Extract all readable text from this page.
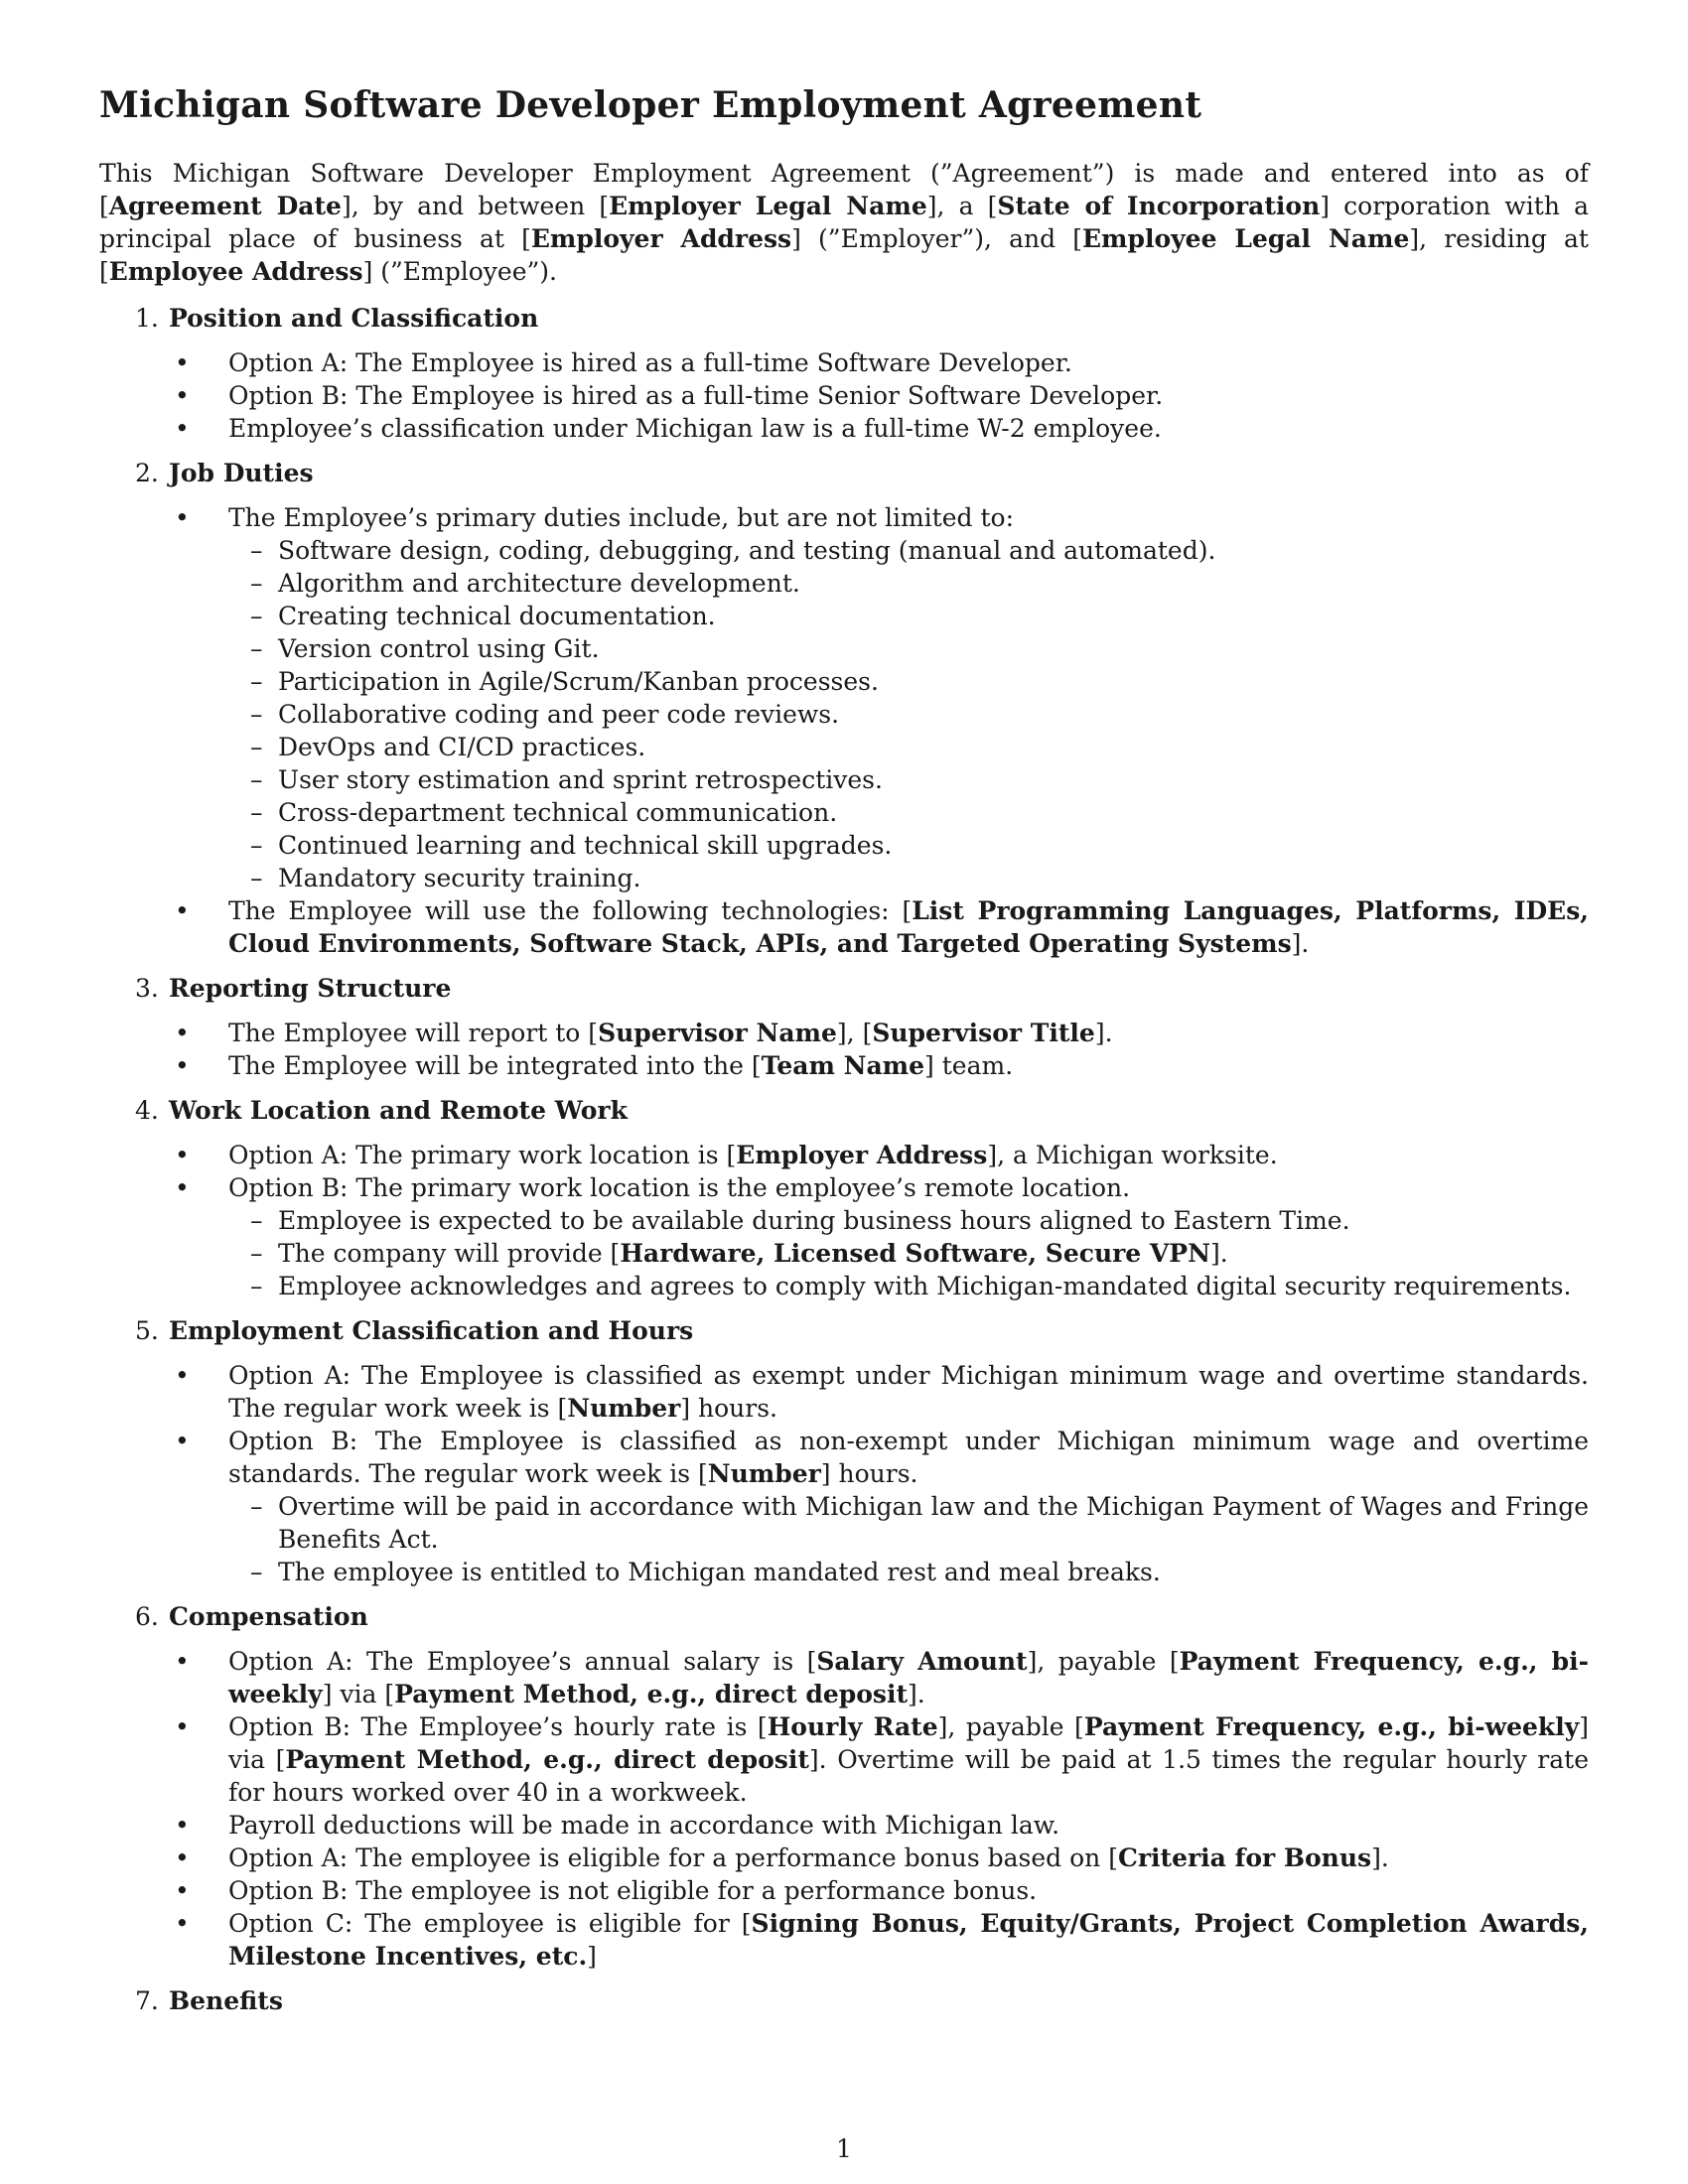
Michigan Software Developer Employment Agreement

This Michigan Software Developer Employment Agreement (”Agreement”) is made and entered into as of [Agreement Date], by and between [Employer Legal Name], a [State of Incorporation] corporation with a principal place of business at [Employer Address] (”Employer”), and [Employee Legal Name], residing at [Employee Address] (”Employee”).

1. Position and Classification
• Option A: The Employee is hired as a full-time Software Developer.
• Option B: The Employee is hired as a full-time Senior Software Developer.
• Employee’s classification under Michigan law is a full-time W-2 employee.
2. Job Duties
• The Employee’s primary duties include, but are not limited to:
– Software design, coding, debugging, and testing (manual and automated).
– Algorithm and architecture development.
– Creating technical documentation.
– Version control using Git.
– Participation in Agile/Scrum/Kanban processes.
– Collaborative coding and peer code reviews.
– DevOps and CI/CD practices.
– User story estimation and sprint retrospectives.
– Cross-department technical communication.
– Continued learning and technical skill upgrades.
– Mandatory security training.
• The Employee will use the following technologies: [List Programming Languages, Platforms, IDEs, Cloud Environments, Software Stack, APIs, and Targeted Operating Systems].
3. Reporting Structure
• The Employee will report to [Supervisor Name], [Supervisor Title].
• The Employee will be integrated into the [Team Name] team.
4. Work Location and Remote Work
• Option A: The primary work location is [Employer Address], a Michigan worksite.
• Option B: The primary work location is the employee’s remote location.
– Employee is expected to be available during business hours aligned to Eastern Time.
– The company will provide [Hardware, Licensed Software, Secure VPN].
– Employee acknowledges and agrees to comply with Michigan-mandated digital security requirements.
5. Employment Classification and Hours
• Option A: The Employee is classified as exempt under Michigan minimum wage and overtime standards. The regular work week is [Number] hours.
• Option B: The Employee is classified as non-exempt under Michigan minimum wage and overtime standards. The regular work week is [Number] hours.
– Overtime will be paid in accordance with Michigan law and the Michigan Payment of Wages and Fringe Benefits Act.
– The employee is entitled to Michigan mandated rest and meal breaks.
6. Compensation
• Option A: The Employee’s annual salary is [Salary Amount], payable [Payment Frequency, e.g., bi-weekly] via [Payment Method, e.g., direct deposit].
• Option B: The Employee’s hourly rate is [Hourly Rate], payable [Payment Frequency, e.g., bi-weekly] via [Payment Method, e.g., direct deposit]. Overtime will be paid at 1.5 times the regular hourly rate for hours worked over 40 in a workweek.
• Payroll deductions will be made in accordance with Michigan law.
• Option A: The employee is eligible for a performance bonus based on [Criteria for Bonus].
• Option B: The employee is not eligible for a performance bonus.
• Option C: The employee is eligible for [Signing Bonus, Equity/Grants, Project Completion Awards, Milestone Incentives, etc.]
7. Benefits
1
